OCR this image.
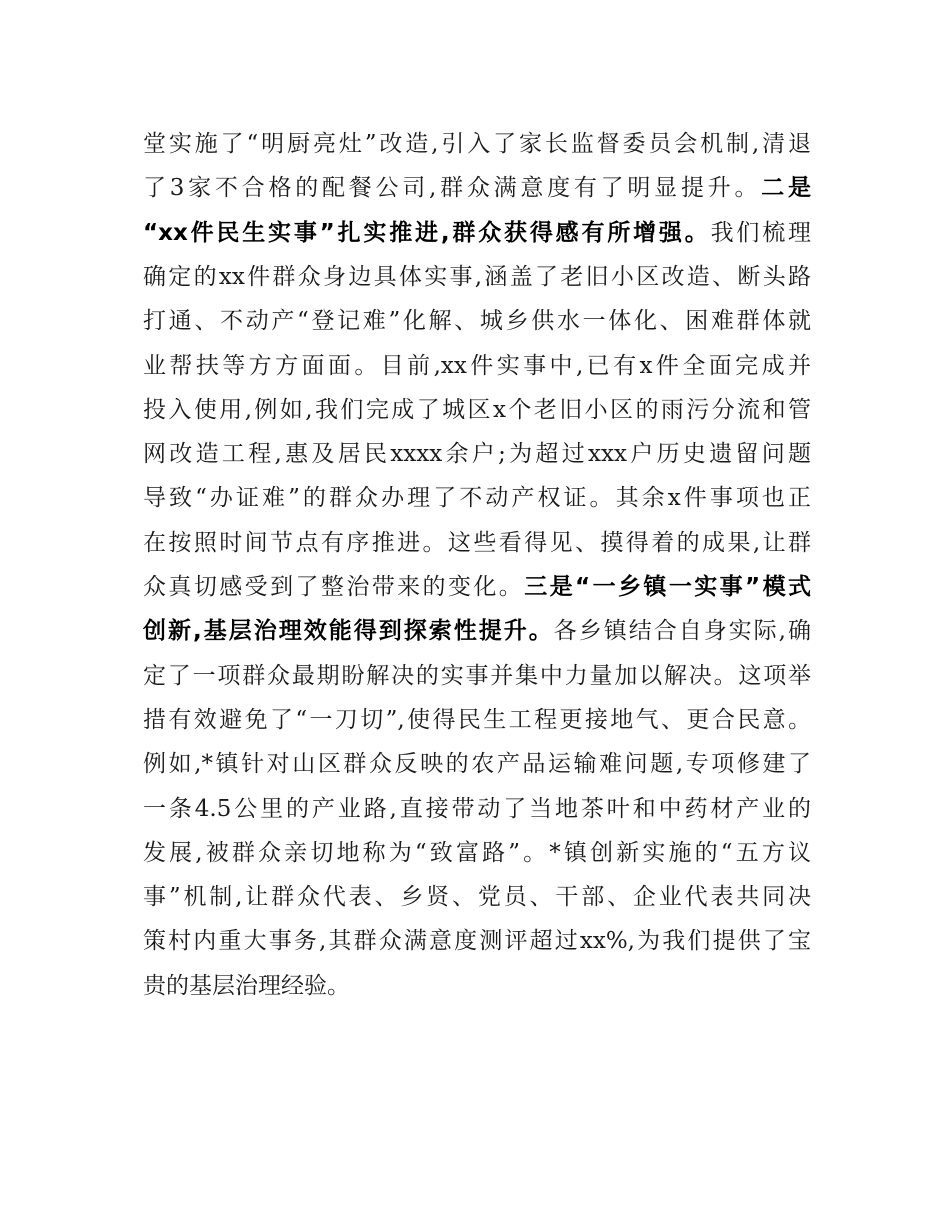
堂实施了“明厨亮灶”改造,引入了家长监督委员会机制,清退
了3家不合格的配餐公司,群众满意度有了明显提升。二是
“xx件民生实事”扎实推进,群众获得感有所增强。我们梳理
确定的xx件群众身边具体实事,涵盖了老旧小区改造、断头路
打通、不动产“登记难”化解、城乡供水一体化、困难群体就
业帮扶等方方面面。目前,xx件实事中,已有x件全面完成并
投入使用,例如,我们完成了城区x个老旧小区的雨污分流和管
网改造工程,惠及居民xxxx余户;为超过xxx户历史遗留问题
导致“办证难”的群众办理了不动产权证。其余x件事项也正
在按照时间节点有序推进。这些看得见、摸得着的成果,让群
众真切感受到了整治带来的变化。三是“一乡镇一实事”模式
创新,基层治理效能得到探索性提升。各乡镇结合自身实际,确
定了一项群众最期盼解决的实事并集中力量加以解决。这项举
措有效避免了“一刀切”,使得民生工程更接地气、更合民意。
例如,*镇针对山区群众反映的农产品运输难问题,专项修建了
一条4.5公里的产业路,直接带动了当地茶叶和中药材产业的
发展,被群众亲切地称为“致富路”。*镇创新实施的“五方议
事”机制,让群众代表、乡贤、党员、干部、企业代表共同决
策村内重大事务,其群众满意度测评超过xx%,为我们提供了宝
贵的基层治理经验。
